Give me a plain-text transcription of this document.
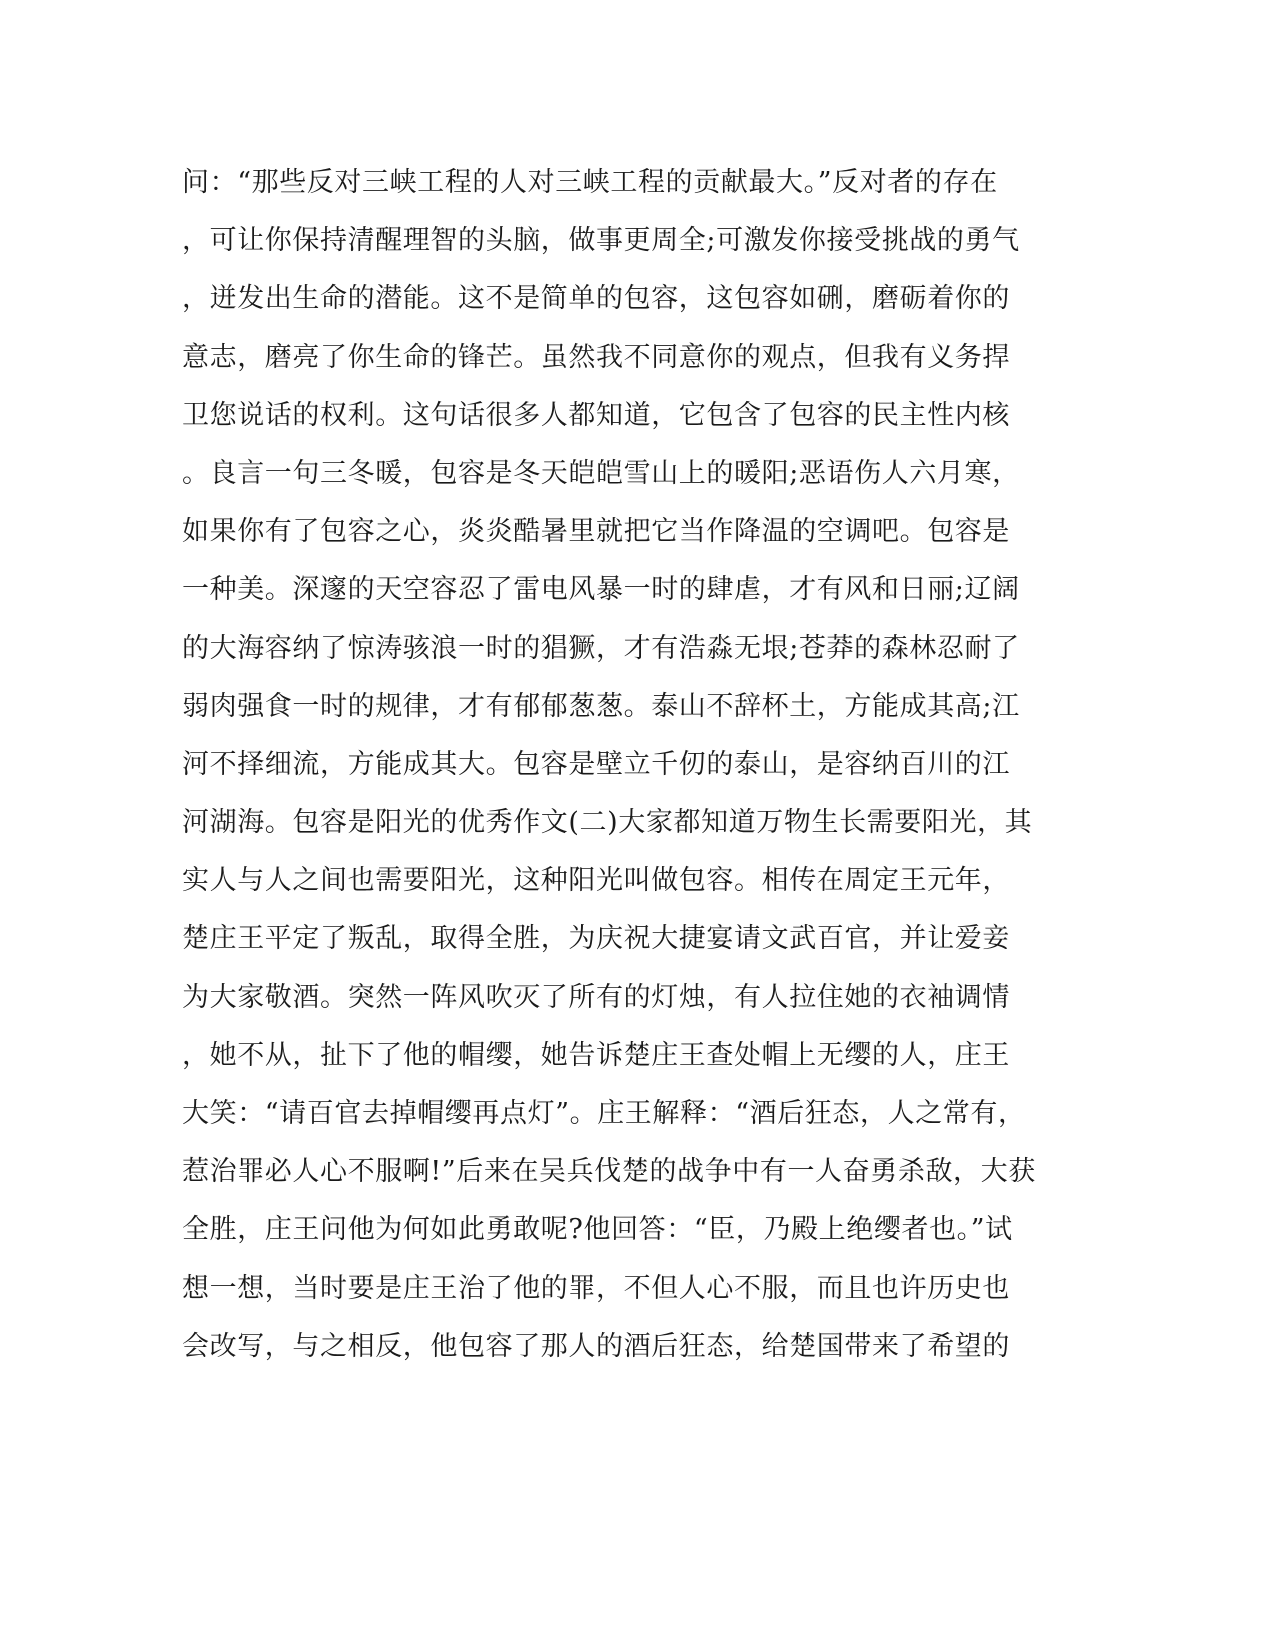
问：“那些反对三峡工程的人对三峡工程的贡献最大。”反对者的存在
，可让你保持清醒理智的头脑，做事更周全;可激发你接受挑战的勇气
，迸发出生命的潜能。这不是简单的包容，这包容如硎，磨砺着你的
意志，磨亮了你生命的锋芒。虽然我不同意你的观点，但我有义务捍
卫您说话的权利。这句话很多人都知道，它包含了包容的民主性内核
。良言一句三冬暖，包容是冬天皑皑雪山上的暖阳;恶语伤人六月寒，
如果你有了包容之心，炎炎酷暑里就把它当作降温的空调吧。包容是
一种美。深邃的天空容忍了雷电风暴一时的肆虐，才有风和日丽;辽阔
的大海容纳了惊涛骇浪一时的猖獗，才有浩淼无垠;苍莽的森林忍耐了
弱肉强食一时的规律，才有郁郁葱葱。泰山不辞杯土，方能成其高;江
河不择细流，方能成其大。包容是壁立千仞的泰山，是容纳百川的江
河湖海。包容是阳光的优秀作文(二)大家都知道万物生长需要阳光，其
实人与人之间也需要阳光，这种阳光叫做包容。相传在周定王元年，
楚庄王平定了叛乱，取得全胜，为庆祝大捷宴请文武百官，并让爱妾
为大家敬酒。突然一阵风吹灭了所有的灯烛，有人拉住她的衣袖调情
，她不从，扯下了他的帽缨，她告诉楚庄王查处帽上无缨的人，庄王
大笑：“请百官去掉帽缨再点灯”。庄王解释：“酒后狂态，人之常有，
惹治罪必人心不服啊!”后来在吴兵伐楚的战争中有一人奋勇杀敌，大获
全胜，庄王问他为何如此勇敢呢?他回答：“臣，乃殿上绝缨者也。”试
想一想，当时要是庄王治了他的罪，不但人心不服，而且也许历史也
会改写，与之相反，他包容了那人的酒后狂态，给楚国带来了希望的
